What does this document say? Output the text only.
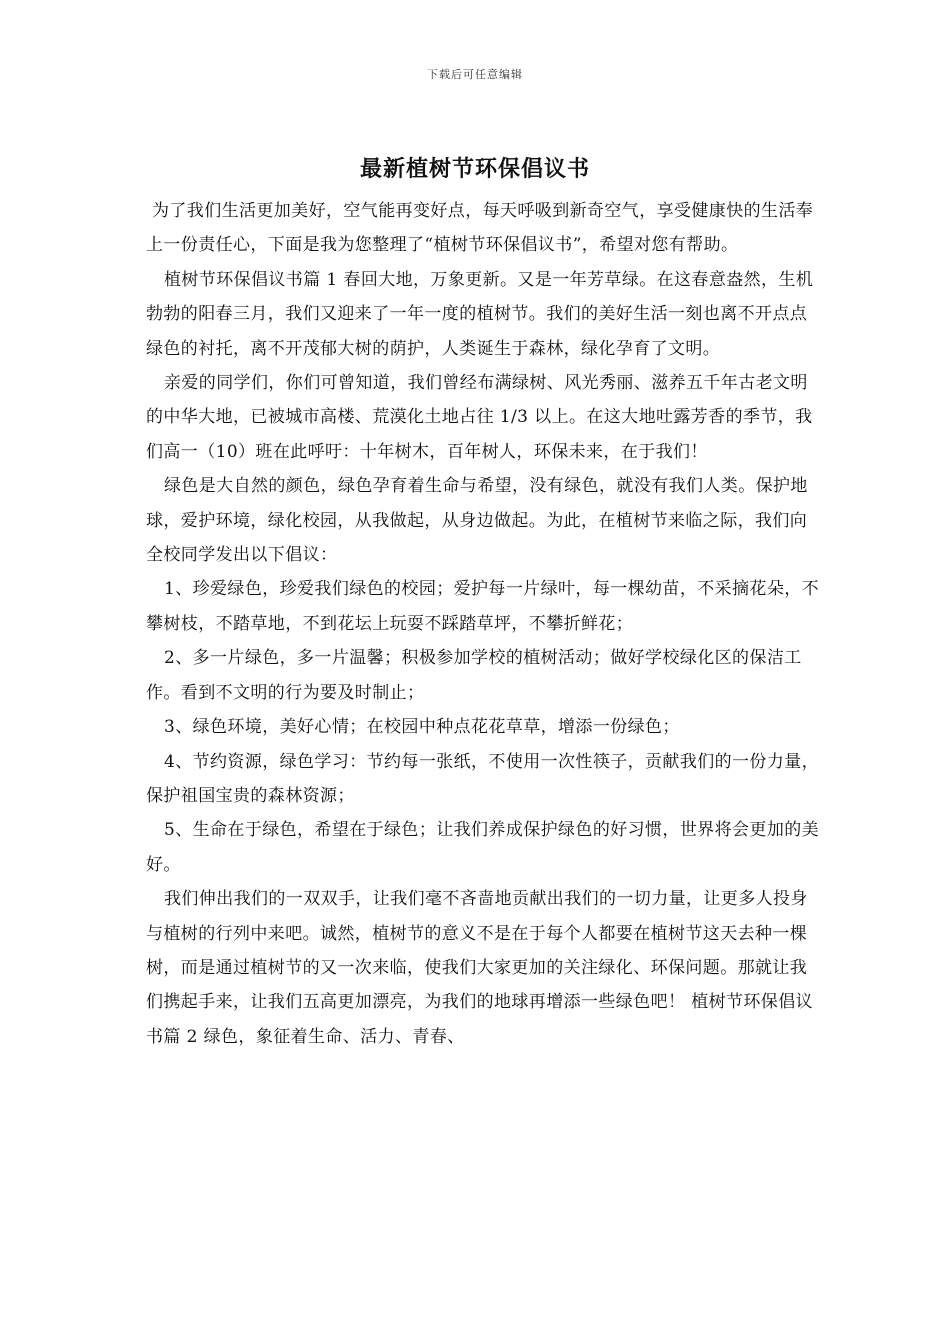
下载后可任意编辑
最新植树节环保倡议书

为了我们生活更加美好，空气能再变好点，每天呼吸到新奇空气，享受健康快的生活奉上一份责任心，下面是我为您整理了“植树节环保倡议书”，希望对您有帮助。

植树节环保倡议书篇 1 春回大地，万象更新。又是一年芳草绿。在这春意盎然，生机勃勃的阳春三月，我们又迎来了一年一度的植树节。我们的美好生活一刻也离不开点点绿色的衬托，离不开茂郁大树的荫护，人类诞生于森林，绿化孕育了文明。

亲爱的同学们，你们可曾知道，我们曾经布满绿树、风光秀丽、滋养五千年古老文明的中华大地，已被城市高楼、荒漠化土地占往 1/3 以上。在这大地吐露芳香的季节，我们高一（10）班在此呼吁：十年树木，百年树人，环保未来，在于我们！

绿色是大自然的颜色，绿色孕育着生命与希望，没有绿色，就没有我们人类。保护地球，爱护环境，绿化校园，从我做起，从身边做起。为此，在植树节来临之际，我们向全校同学发出以下倡议：

1、珍爱绿色，珍爱我们绿色的校园；爱护每一片绿叶，每一棵幼苗，不采摘花朵，不攀树枝，不踏草地，不到花坛上玩耍不踩踏草坪，不攀折鲜花；

2、多一片绿色，多一片温馨；积极参加学校的植树活动；做好学校绿化区的保洁工作。看到不文明的行为要及时制止；

3、绿色环境，美好心情；在校园中种点花花草草，增添一份绿色；

4、节约资源，绿色学习：节约每一张纸，不使用一次性筷子，贡献我们的一份力量，保护祖国宝贵的森林资源；

5、生命在于绿色，希望在于绿色；让我们养成保护绿色的好习惯，世界将会更加的美好。

我们伸出我们的一双双手，让我们毫不吝啬地贡献出我们的一切力量，让更多人投身与植树的行列中来吧。诚然，植树节的意义不是在于每个人都要在植树节这天去种一棵树，而是通过植树节的又一次来临，使我们大家更加的关注绿化、环保问题。那就让我们携起手来，让我们五高更加漂亮，为我们的地球再增添一些绿色吧！ 植树节环保倡议书篇 2 绿色，象征着生命、活力、青春、
